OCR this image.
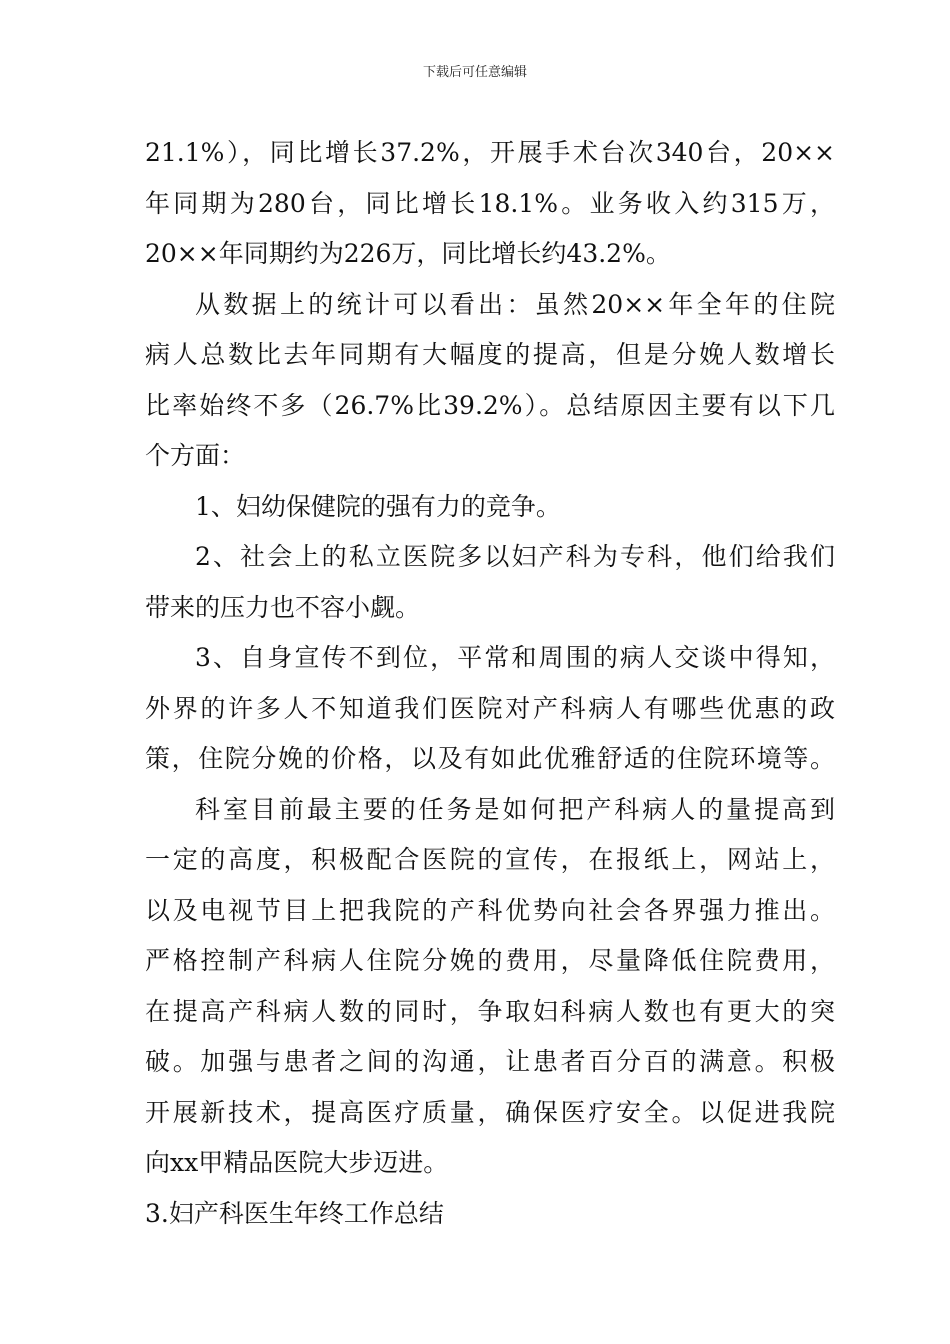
下载后可任意编辑
21.1%），同比增长37.2%，开展手术台次340台，20××
年同期为280台，同比增长18.1%。业务收入约315万，
20××年同期约为226万，同比增长约43.2%。
从数据上的统计可以看出：虽然20××年全年的住院
病人总数比去年同期有大幅度的提高，但是分娩人数增长
比率始终不多（26.7%比39.2%）。总结原因主要有以下几
个方面：
1、妇幼保健院的强有力的竞争。
2、社会上的私立医院多以妇产科为专科，他们给我们
带来的压力也不容小觑。
3、自身宣传不到位，平常和周围的病人交谈中得知，
外界的许多人不知道我们医院对产科病人有哪些优惠的政
策，住院分娩的价格，以及有如此优雅舒适的住院环境等。
科室目前最主要的任务是如何把产科病人的量提高到
一定的高度，积极配合医院的宣传，在报纸上，网站上，
以及电视节目上把我院的产科优势向社会各界强力推出。
严格控制产科病人住院分娩的费用，尽量降低住院费用，
在提高产科病人数的同时，争取妇科病人数也有更大的突
破。加强与患者之间的沟通，让患者百分百的满意。积极
开展新技术，提高医疗质量，确保医疗安全。以促进我院
向xx甲精品医院大步迈进。
3.妇产科医生年终工作总结
